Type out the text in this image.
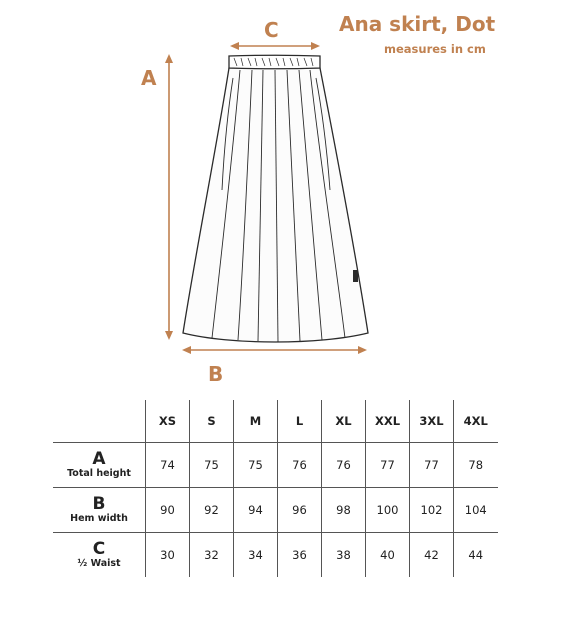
Ana skirt, Dot
measures in cm
A
B
C
	XS	S	M	L	XL	XXL	3XL	4XL

A
Total height	74	75	75	76	76	77	77	78

B
Hem width	90	92	94	96	98	100	102	104

C
½ Waist	30	32	34	36	38	40	42	44
